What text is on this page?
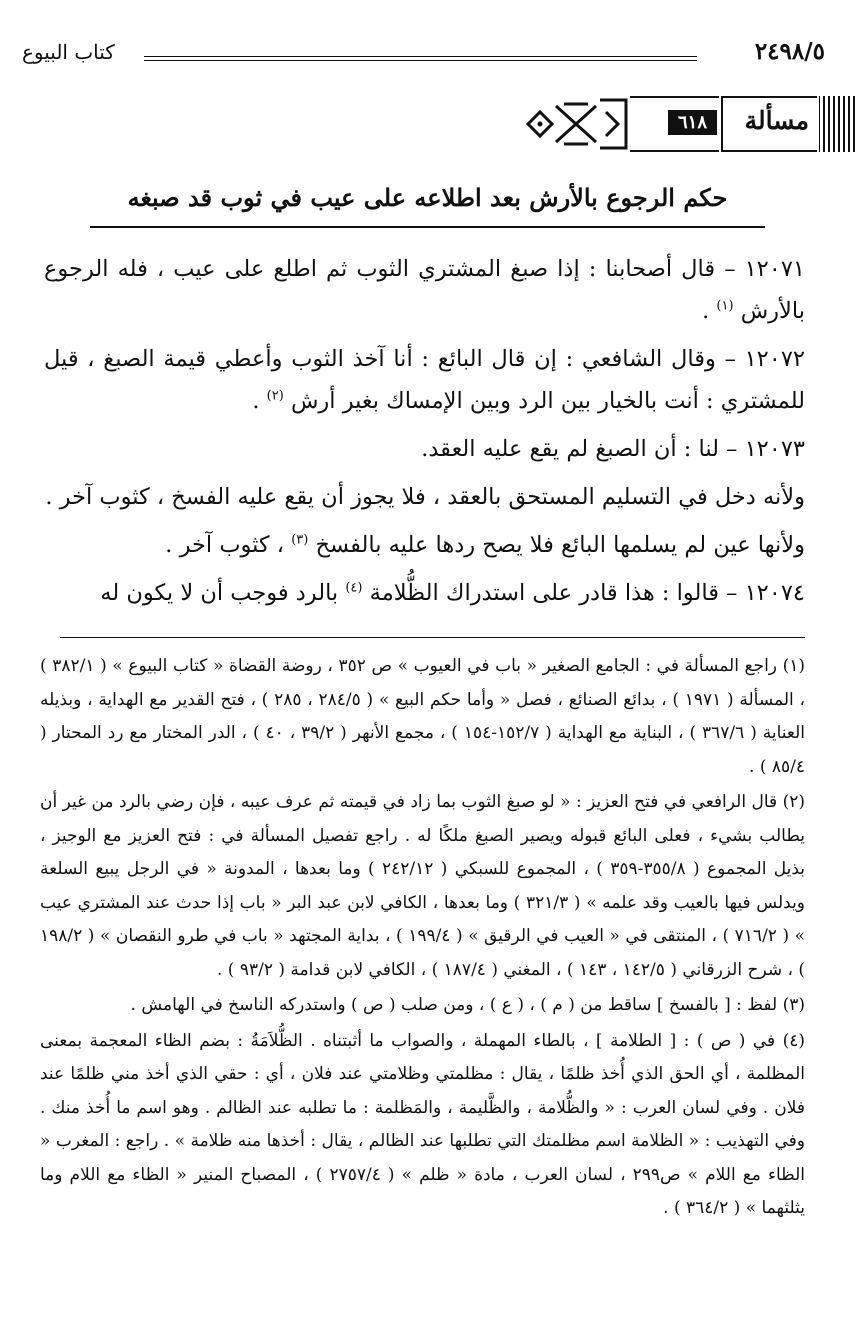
٢٤٩٨/٥
كتاب البيوع
مسألة
٦١٨
حكم الرجوع بالأرش بعد اطلاعه على عيب في ثوب قد صبغه

١٢٠٧١ – قال أصحابنا : إذا صبغ المشتري الثوب ثم اطلع على عيب ، فله الرجوع بالأرش $^{(١)}$ .

١٢٠٧٢ – وقال الشافعي : إن قال البائع : أنا آخذ الثوب وأعطي قيمة الصبغ ، قيل للمشتري : أنت بالخيار بين الرد وبين الإمساك بغير أرش $^{(٢)}$ .

١٢٠٧٣ – لنا : أن الصبغ لم يقع عليه العقد.

ولأنه دخل في التسليم المستحق بالعقد ، فلا يجوز أن يقع عليه الفسخ ، كثوب آخر .

ولأنها عين لم يسلمها البائع فلا يصح ردها عليه بالفسخ $^{(٣)}$ ، كثوب آخر .

١٢٠٧٤ – قالوا : هذا قادر على استدراك الظُّلامة $^{(٤)}$ بالرد فوجب أن لا يكون له

(١) راجع المسألة في : الجامع الصغير « باب في العيوب » ص ٣٥٢ ، روضة القضاة « كتاب البيوع » ( ٣٨٢/١ ) ، المسألة ( ١٩٧١ ) ، بدائع الصنائع ، فصل « وأما حكم البيع » ( ٢٨٤/٥ ، ٢٨٥ ) ، فتح القدير مع الهداية ، وبذيله العناية ( ٣٦٧/٦ ) ، البناية مع الهداية ( ١٥٢/٧-١٥٤ ) ، مجمع الأنهر ( ٣٩/٢ ، ٤٠ ) ، الدر المختار مع رد المحتار ( ٨٥/٤ ) .

(٢) قال الرافعي في فتح العزيز : « لو صبغ الثوب بما زاد في قيمته ثم عرف عيبه ، فإن رضي بالرد من غير أن يطالب بشيء ، فعلى البائع قبوله ويصير الصبغ ملكًا له . راجع تفصيل المسألة في : فتح العزيز مع الوجيز ، بذيل المجموع ( ٣٥٥/٨-٣٥٩ ) ، المجموع للسبكي ( ٢٤٢/١٢ ) وما بعدها ، المدونة « في الرجل يبيع السلعة ويدلس فيها بالعيب وقد علمه » ( ٣٢١/٣ ) وما بعدها ، الكافي لابن عبد البر « باب إذا حدث عند المشتري عيب » ( ٧١٦/٢ ) ، المنتقى في « العيب في الرقيق » ( ١٩٩/٤ ) ، بداية المجتهد « باب في طرو النقصان » ( ١٩٨/٢ ) ، شرح الزرقاني ( ١٤٢/٥ ، ١٤٣ ) ، المغني ( ١٨٧/٤ ) ، الكافي لابن قدامة ( ٩٣/٢ ) .

(٣) لفظ : [ بالفسخ ] ساقط من ( م ) ، ( ع ) ، ومن صلب ( ص ) واستدركه الناسخ في الهامش .

(٤) في ( ص ) : [ الطلامة ] ، بالطاء المهملة ، والصواب ما أثبتناه . الظُّلاَمَةُ : بضم الظاء المعجمة بمعنى المظلمة ، أي الحق الذي أُخذ ظلمًا ، يقال : مظلمتي وظلامتي عند فلان ، أي : حقي الذي أخذ مني ظلمًا عند فلان . وفي لسان العرب : « والظُّلامة ، والظَّليمة ، والمَظلمة : ما تطلبه عند الظالم . وهو اسم ما أُخذ منك . وفي التهذيب : « الظلامة اسم مظلمتك التي تطلبها عند الظالم ، يقال : أخذها منه ظلامة » . راجع : المغرب « الظاء مع اللام » ص٢٩٩ ، لسان العرب ، مادة « ظلم » ( ٢٧٥٧/٤ ) ، المصباح المنير « الظاء مع اللام وما يثلثهما » ( ٣٦٤/٢ ) .
